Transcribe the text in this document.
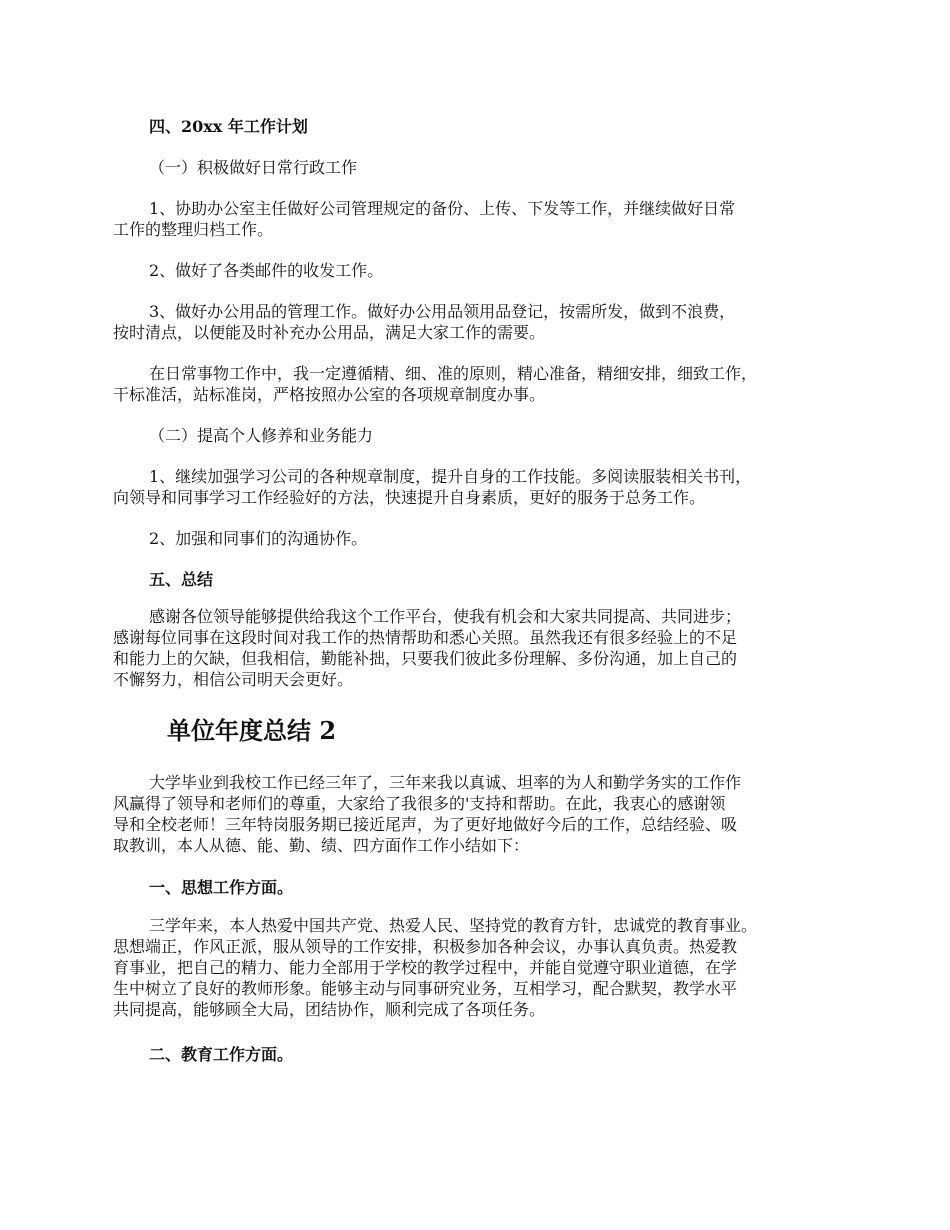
四、20xx 年工作计划

（一）积极做好日常行政工作

1、协助办公室主任做好公司管理规定的备份、上传、下发等工作，并继续做好日常
工作的整理归档工作。

2、做好了各类邮件的收发工作。

3、做好办公用品的管理工作。做好办公用品领用品登记，按需所发，做到不浪费，
按时清点，以便能及时补充办公用品，满足大家工作的需要。

在日常事物工作中，我一定遵循精、细、准的原则，精心准备，精细安排，细致工作，
干标准活，站标准岗，严格按照办公室的各项规章制度办事。

（二）提高个人修养和业务能力

1、继续加强学习公司的各种规章制度，提升自身的工作技能。多阅读服装相关书刊，
向领导和同事学习工作经验好的方法，快速提升自身素质，更好的服务于总务工作。

2、加强和同事们的沟通协作。

五、总结

感谢各位领导能够提供给我这个工作平台，使我有机会和大家共同提高、共同进步；
感谢每位同事在这段时间对我工作的热情帮助和悉心关照。虽然我还有很多经验上的不足
和能力上的欠缺，但我相信，勤能补拙，只要我们彼此多份理解、多份沟通，加上自己的
不懈努力，相信公司明天会更好。

单位年度总结 2

大学毕业到我校工作已经三年了，三年来我以真诚、坦率的为人和勤学务实的工作作
风赢得了领导和老师们的尊重，大家给了我很多的'支持和帮助。在此，我衷心的感谢领
导和全校老师！三年特岗服务期已接近尾声，为了更好地做好今后的工作，总结经验、吸
取教训，本人从德、能、勤、绩、四方面作工作小结如下：

一、思想工作方面。

三学年来，本人热爱中国共产党、热爱人民、坚持党的教育方针，忠诚党的教育事业。
思想端正，作风正派，服从领导的工作安排，积极参加各种会议，办事认真负责。热爱教
育事业，把自己的精力、能力全部用于学校的教学过程中，并能自觉遵守职业道德，在学
生中树立了良好的教师形象。能够主动与同事研究业务，互相学习，配合默契，教学水平
共同提高，能够顾全大局，团结协作，顺利完成了各项任务。

二、教育工作方面。
